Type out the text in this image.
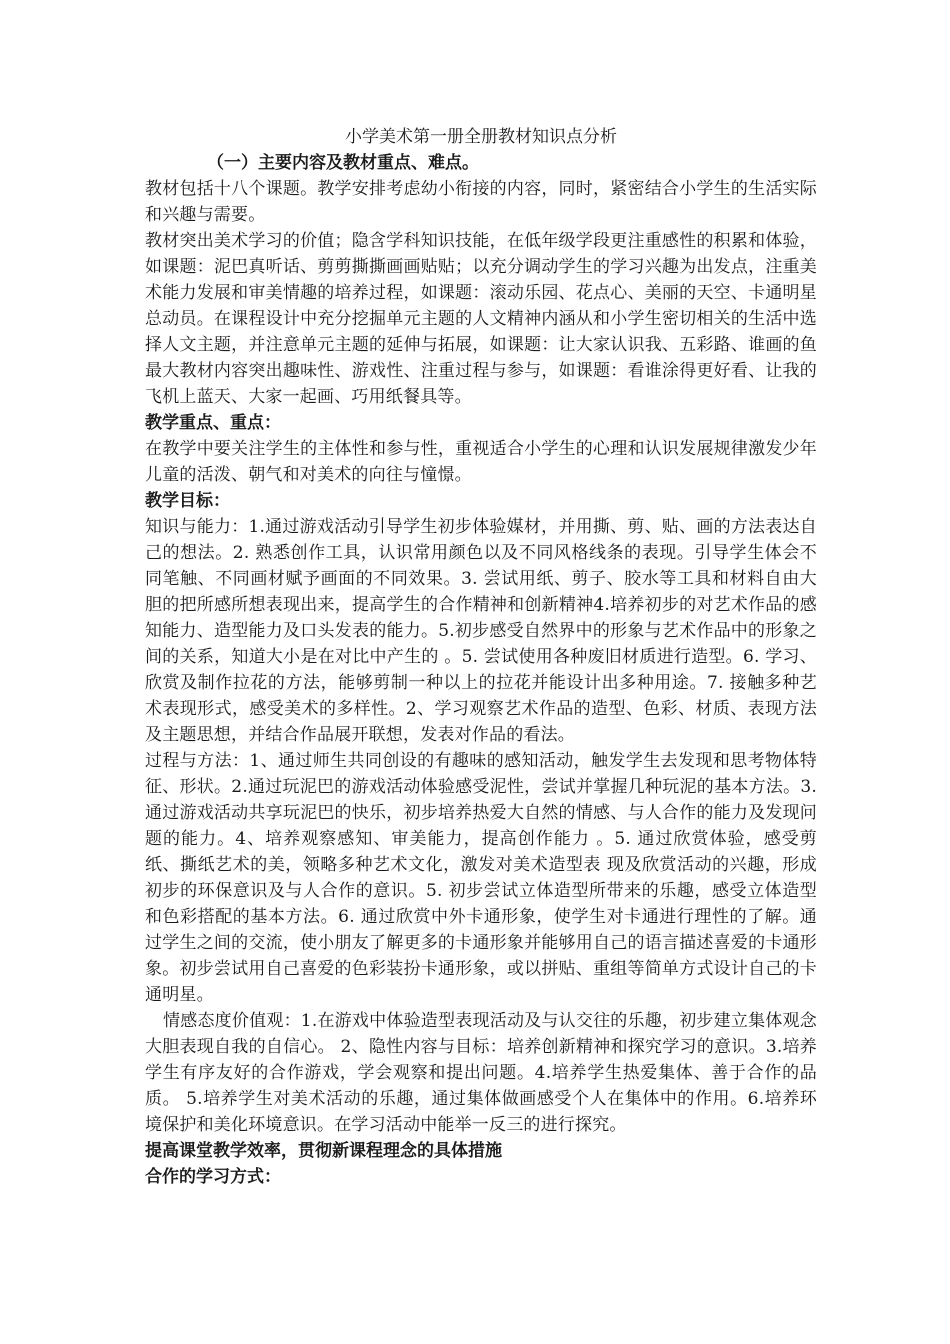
小学美术第一册全册教材知识点分析

（一）主要内容及教材重点、难点。

教材包括十八个课题。教学安排考虑幼小衔接的内容，同时，紧密结合小学生的生活实际和兴趣与需要。

教材突出美术学习的价值；隐含学科知识技能，在低年级学段更注重感性的积累和体验，如课题：泥巴真听话、剪剪撕撕画画贴贴；以充分调动学生的学习兴趣为出发点，注重美术能力发展和审美情趣的培养过程，如课题：滚动乐园、花点心、美丽的天空、卡通明星总动员。在课程设计中充分挖掘单元主题的人文精神内涵从和小学生密切相关的生活中选择人文主题，并注意单元主题的延伸与拓展，如课题：让大家认识我、五彩路、谁画的鱼最大教材内容突出趣味性、游戏性、注重过程与参与，如课题：看谁涂得更好看、让我的飞机上蓝天、大家一起画、巧用纸餐具等。

教学重点、重点：

在教学中要关注学生的主体性和参与性，重视适合小学生的心理和认识发展规律激发少年儿童的活泼、朝气和对美术的向往与憧憬。

教学目标：

知识与能力：1.通过游戏活动引导学生初步体验媒材，并用撕、剪、贴、画的方法表达自己的想法。2. 熟悉创作工具，认识常用颜色以及不同风格线条的表现。引导学生体会不同笔触、不同画材赋予画面的不同效果。3. 尝试用纸、剪子、胶水等工具和材料自由大胆的把所感所想表现出来，提高学生的合作精神和创新精神4.培养初步的对艺术作品的感知能力、造型能力及口头发表的能力。5.初步感受自然界中的形象与艺术作品中的形象之间的关系，知道大小是在对比中产生的 。5. 尝试使用各种废旧材质进行造型。6. 学习、欣赏及制作拉花的方法，能够剪制一种以上的拉花并能设计出多种用途。7. 接触多种艺术表现形式，感受美术的多样性。2、学习观察艺术作品的造型、色彩、材质、表现方法及主题思想，并结合作品展开联想，发表对作品的看法。

过程与方法：1、通过师生共同创设的有趣味的感知活动，触发学生去发现和思考物体特征、形状。2.通过玩泥巴的游戏活动体验感受泥性，尝试并掌握几种玩泥的基本方法。3.通过游戏活动共享玩泥巴的快乐，初步培养热爱大自然的情感、与人合作的能力及发现问题的能力。4、培养观察感知、审美能力，提高创作能力 。5. 通过欣赏体验，感受剪纸、撕纸艺术的美，领略多种艺术文化，激发对美术造型表 现及欣赏活动的兴趣，形成初步的环保意识及与人合作的意识。5. 初步尝试立体造型所带来的乐趣，感受立体造型和色彩搭配的基本方法。6. 通过欣赏中外卡通形象，使学生对卡通进行理性的了解。通过学生之间的交流，使小朋友了解更多的卡通形象并能够用自己的语言描述喜爱的卡通形象。初步尝试用自己喜爱的色彩装扮卡通形象，或以拼贴、重组等简单方式设计自己的卡通明星。

情感态度价值观：1.在游戏中体验造型表现活动及与认交往的乐趣，初步建立集体观念大胆表现自我的自信心。 2、隐性内容与目标：培养创新精神和探究学习的意识。3.培养学生有序友好的合作游戏，学会观察和提出问题。4.培养学生热爱集体、善于合作的品质。 5.培养学生对美术活动的乐趣，通过集体做画感受个人在集体中的作用。6.培养环境保护和美化环境意识。在学习活动中能举一反三的进行探究。

提高课堂教学效率，贯彻新课程理念的具体措施

合作的学习方式：
